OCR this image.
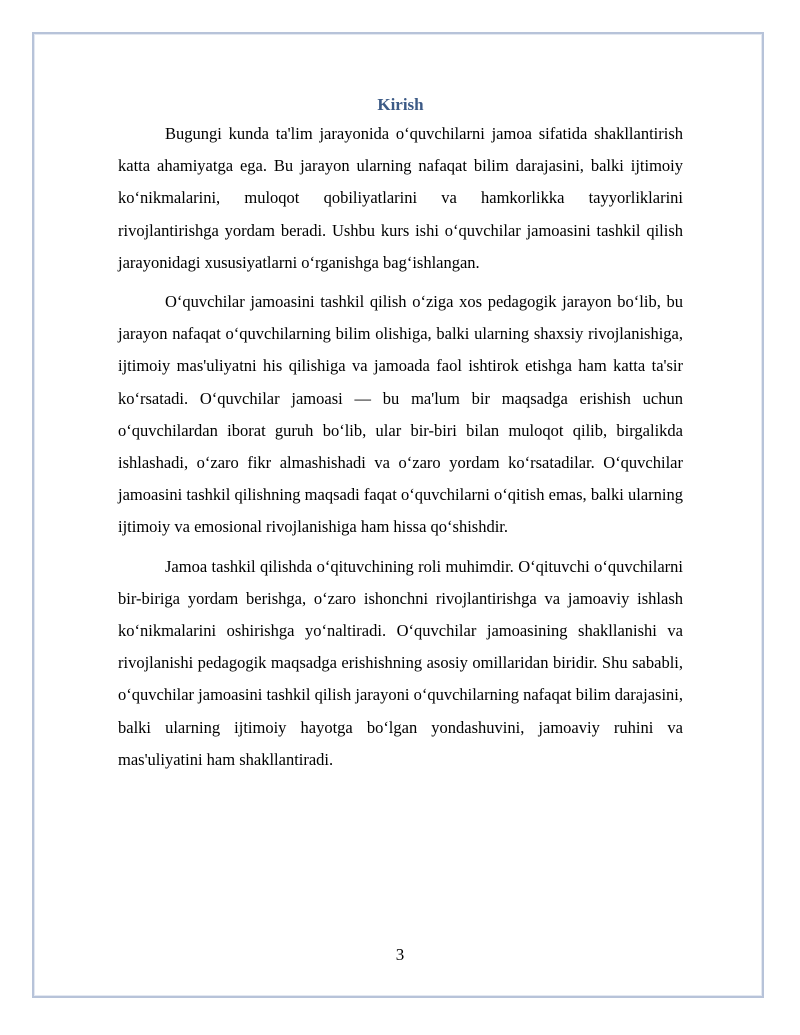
Kirish

Bugungi kunda ta'lim jarayonida oʻquvchilarni jamoa sifatida shakllantirish katta ahamiyatga ega. Bu jarayon ularning nafaqat bilim darajasini, balki ijtimoiy koʻnikmalarini, muloqot qobiliyatlarini va hamkorlikka tayyorliklarini rivojlantirishga yordam beradi. Ushbu kurs ishi oʻquvchilar jamoasini tashkil qilish jarayonidagi xususiyatlarni oʻrganishga bagʻishlangan.

Oʻquvchilar jamoasini tashkil qilish oʻziga xos pedagogik jarayon boʻlib, bu jarayon nafaqat oʻquvchilarning bilim olishiga, balki ularning shaxsiy rivojlanishiga, ijtimoiy mas'uliyatni his qilishiga va jamoada faol ishtirok etishga ham katta ta'sir koʻrsatadi. Oʻquvchilar jamoasi — bu ma'lum bir maqsadga erishish uchun oʻquvchilardan iborat guruh boʻlib, ular bir-biri bilan muloqot qilib, birgalikda ishlashadi, oʻzaro fikr almashishadi va oʻzaro yordam koʻrsatadilar. Oʻquvchilar jamoasini tashkil qilishning maqsadi faqat oʻquvchilarni oʻqitish emas, balki ularning ijtimoiy va emosional rivojlanishiga ham hissa qoʻshishdir.

Jamoa tashkil qilishda oʻqituvchining roli muhimdir. Oʻqituvchi oʻquvchilarni bir-biriga yordam berishga, oʻzaro ishonchni rivojlantirishga va jamoaviy ishlash koʻnikmalarini oshirishga yoʻnaltiradi. Oʻquvchilar jamoasining shakllanishi va rivojlanishi pedagogik maqsadga erishishning asosiy omillaridan biridir. Shu sababli, oʻquvchilar jamoasini tashkil qilish jarayoni oʻquvchilarning nafaqat bilim darajasini, balki ularning ijtimoiy hayotga boʻlgan yondashuvini, jamoaviy ruhini va mas'uliyatini ham shakllantiradi.

3
